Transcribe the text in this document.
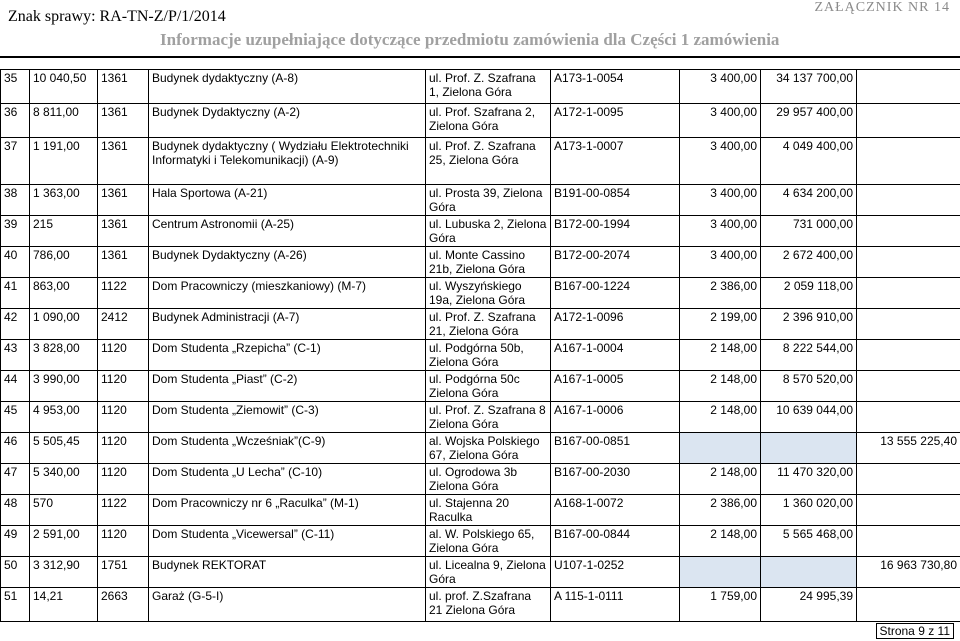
Znak sprawy: RA-TN-Z/P/1/2014
ZAŁĄCZNIK NR 14
Informacje uzupełniające dotyczące przedmiotu zamówienia dla Części 1 zamówienia
35	10 040,50	1361	Budynek dydaktyczny (A-8)	ul. Prof. Z. Szafrana 1, Zielona Góra	A173-1-0054	3 400,00	34 137 700,00	
36	8 811,00	1361	Budynek Dydaktyczny (A-2)	ul. Prof. Szafrana 2, Zielona Góra	A172-1-0095	3 400,00	29 957 400,00	
37	1 191,00	1361	Budynek dydaktyczny ( Wydziału Elektrotechniki Informatyki i Telekomunikacji) (A-9)	ul. Prof. Z. Szafrana 25, Zielona Góra	A173-1-0007	3 400,00	4 049 400,00	
38	1 363,00	1361	Hala Sportowa (A-21)	ul. Prosta 39, Zielona Góra	B191-00-0854	3 400,00	4 634 200,00	
39	215	1361	Centrum Astronomii (A-25)	ul. Lubuska 2, Zielona Góra	B172-00-1994	3 400,00	731 000,00	
40	786,00	1361	Budynek Dydaktyczny (A-26)	ul. Monte Cassino 21b, Zielona Góra	B172-00-2074	3 400,00	2 672 400,00	
41	863,00	1122	Dom Pracowniczy (mieszkaniowy) (M-7)	ul. Wyszyńskiego 19a, Zielona Góra	B167-00-1224	2 386,00	2 059 118,00	
42	1 090,00	2412	Budynek Administracji (A-7)	ul. Prof. Z. Szafrana 21, Zielona Góra	A172-1-0096	2 199,00	2 396 910,00	
43	3 828,00	1120	Dom Studenta „Rzepicha” (C-1)	ul. Podgórna 50b, Zielona Góra	A167-1-0004	2 148,00	8 222 544,00	
44	3 990,00	1120	Dom Studenta „Piast” (C-2)	ul. Podgórna 50c Zielona Góra	A167-1-0005	2 148,00	8 570 520,00	
45	4 953,00	1120	Dom Studenta „Ziemowit” (C-3)	ul. Prof. Z. Szafrana 8 Zielona Góra	A167-1-0006	2 148,00	10 639 044,00	
46	5 505,45	1120	Dom Studenta „Wcześniak”(C-9)	al. Wojska Polskiego 67, Zielona Góra	B167-00-0851			13 555 225,40
47	5 340,00	1120	Dom Studenta „U Lecha” (C-10)	ul. Ogrodowa 3b Zielona Góra	B167-00-2030	2 148,00	11 470 320,00	
48	570	1122	Dom Pracowniczy nr 6 „Raculka” (M-1)	ul. Stajenna 20 Raculka	A168-1-0072	2 386,00	1 360 020,00	
49	2 591,00	1120	Dom Studenta „Vicewersal” (C-11)	al. W. Polskiego 65, Zielona Góra	B167-00-0844	2 148,00	5 565 468,00	
50	3 312,90	1751	Budynek REKTORAT	ul. Licealna 9, Zielona Góra	U107-1-0252			16 963 730,80
51	14,21	2663	Garaż (G-5-I)	ul. prof. Z.Szafrana 21 Zielona Góra	A 115-1-0111	1 759,00	24 995,39	
Strona 9 z 11
